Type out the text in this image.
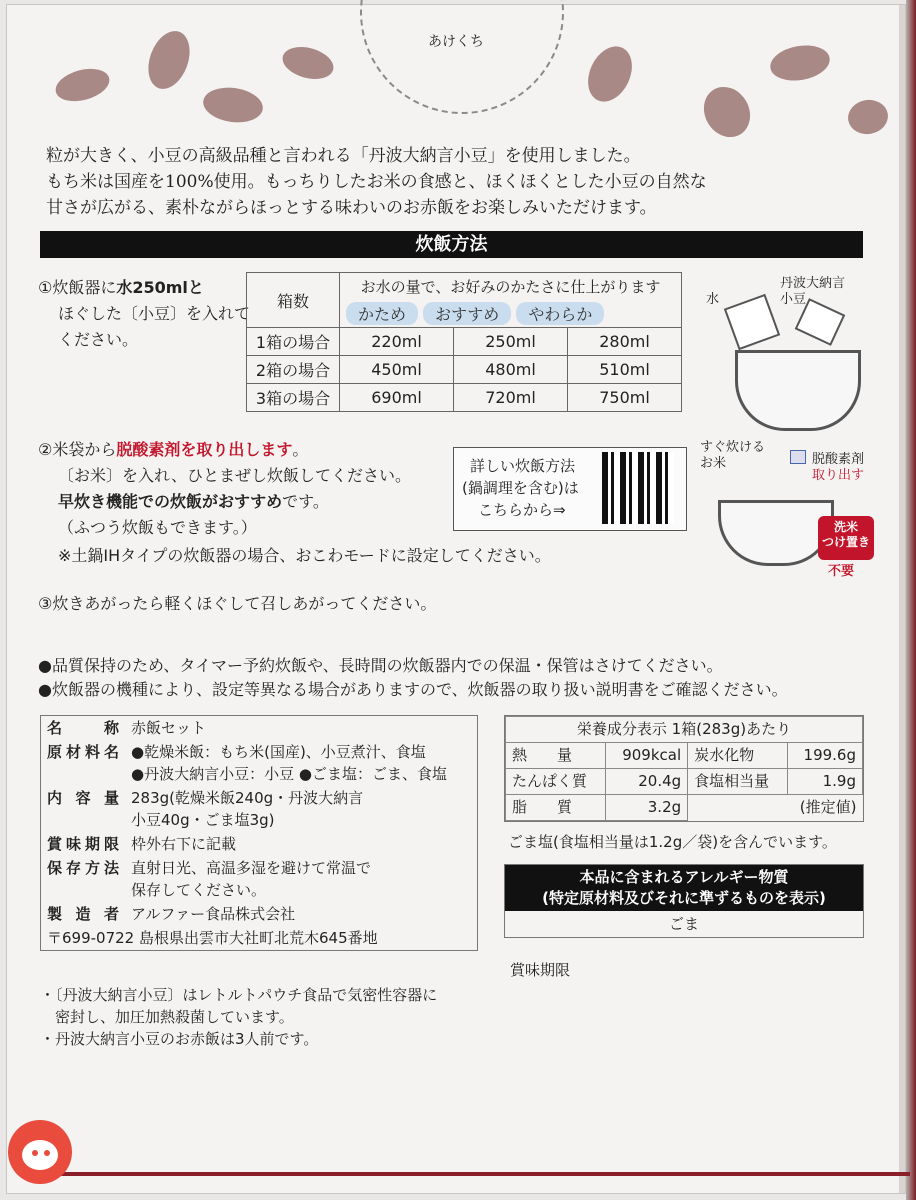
あけくち
粒が大きく、小豆の高級品種と言われる「丹波大納言小豆」を使用しました。
もち米は国産を100%使用。もっちりしたお米の食感と、ほくほくとした小豆の自然な
甘さが広がる、素朴ながらほっとする味わいのお赤飯をお楽しみいただけます。
炊飯方法
①炊飯器に水250mlと
ほぐした〔小豆〕を入れて
ください。
箱数	お水の量で、お好みのかたさに仕上がります		
	かため おすすめ やわらか		
1箱の場合	220ml	250ml	280ml
2箱の場合	450ml	480ml	510ml
3箱の場合	690ml	720ml	750ml
水
丹波大納言
小豆
②米袋から脱酸素剤を取り出します。
〔お米〕を入れ、ひとまぜし炊飯してください。
早炊き機能での炊飯がおすすめです。
（ふつう炊飯もできます。）
※土鍋IHタイプの炊飯器の場合、おこわモードに設定してください。
詳しい炊飯方法
(鍋調理を含む)は
こちらから⇒
すぐ炊ける
お米	脱酸素剤
取り出す
洗米
つけ置き
不要
③炊きあがったら軽くほぐして召しあがってください。
●品質保持のため、タイマー予約炊飯や、長時間の炊飯器内での保温・保管はさけてください。
●炊飯器の機種により、設定等異なる場合がありますので、炊飯器の取り扱い説明書をご確認ください。
名　　称	赤飯セット
原材料名	●乾燥米飯：もち米(国産)、小豆煮汁、食塩
●丹波大納言小豆：小豆 ●ごま塩：ごま、食塩

内 容 量	283g(乾燥米飯240g・丹波大納言
小豆40g・ごま塩3g)

賞味期限	枠外右下に記載
保存方法	直射日光、高温多湿を避けて常温で
保存してください。

製 造 者	アルファー食品株式会社
〒699-0722 島根県出雲市大社町北荒木645番地	
栄養成分表示 1箱(283g)あたり			
熱　　量	909kcal	炭水化物	199.6g
たんぱく質	20.4g	食塩相当量	1.9g
脂　　質	3.2g	(推定値)	
ごま塩(食塩相当量は1.2g／袋)を含んでいます。
本品に含まれるアレルギー物質
(特定原材料及びそれに準ずるものを表示)
ごま
賞味期限
・〔丹波大納言小豆〕はレトルトパウチ食品で気密性容器に
　密封し、加圧加熱殺菌しています。
・丹波大納言小豆のお赤飯は3人前です。
